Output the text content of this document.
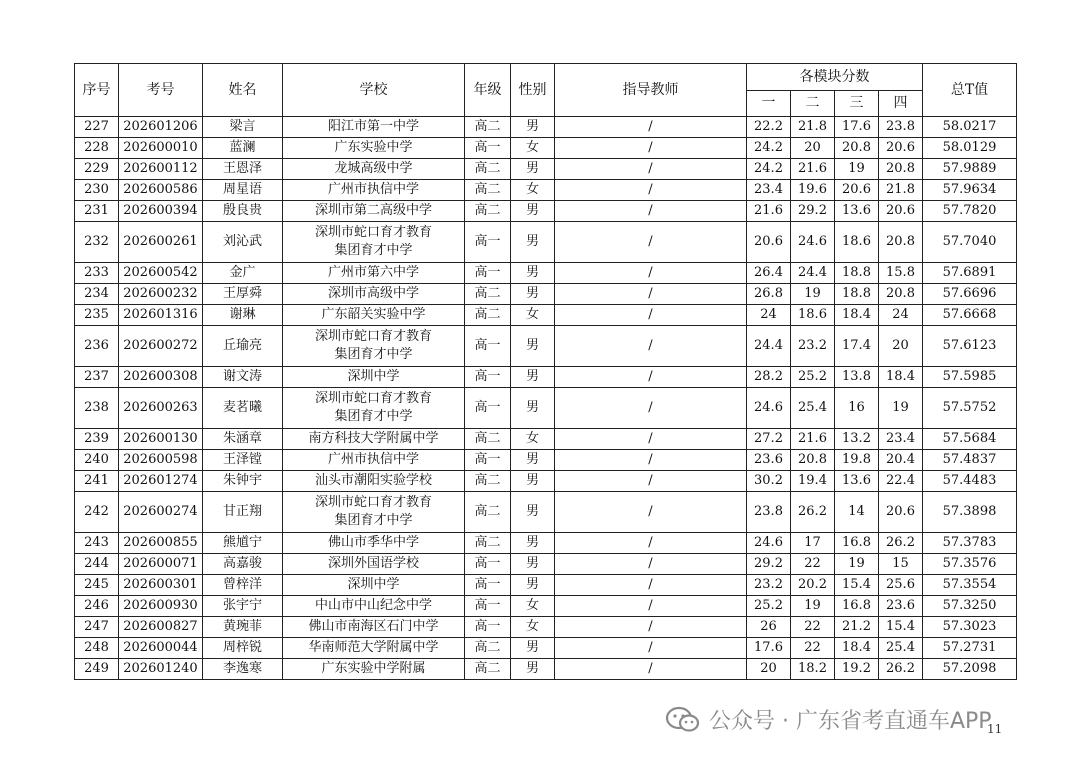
序号	考号	姓名	学校	年级	性别	指导教师	各模块分数				总T值
							一	二	三	四	
227	202601206	梁言	阳江市第一中学	高二	男	/	22.2	21.8	17.6	23.8	58.0217
228	202600010	蓝澜	广东实验中学	高一	女	/	24.2	20	20.8	20.6	58.0129
229	202600112	王恩泽	龙城高级中学	高二	男	/	24.2	21.6	19	20.8	57.9889
230	202600586	周星语	广州市执信中学	高二	女	/	23.4	19.6	20.6	21.8	57.9634
231	202600394	殷良贵	深圳市第二高级中学	高二	男	/	21.6	29.2	13.6	20.6	57.7820
232	202600261	刘沁武	深圳市蛇口育才教育
集团育才中学	高一	男	/	20.6	24.6	18.6	20.8	57.7040
233	202600542	金广	广州市第六中学	高一	男	/	26.4	24.4	18.8	15.8	57.6891
234	202600232	王厚舜	深圳市高级中学	高二	男	/	26.8	19	18.8	20.8	57.6696
235	202601316	谢琳	广东韶关实验中学	高二	女	/	24	18.6	18.4	24	57.6668
236	202600272	丘瑜亮	深圳市蛇口育才教育
集团育才中学	高一	男	/	24.4	23.2	17.4	20	57.6123
237	202600308	谢文涛	深圳中学	高一	男	/	28.2	25.2	13.8	18.4	57.5985
238	202600263	麦茗曦	深圳市蛇口育才教育
集团育才中学	高一	男	/	24.6	25.4	16	19	57.5752
239	202600130	朱涵章	南方科技大学附属中学	高二	女	/	27.2	21.6	13.2	23.4	57.5684
240	202600598	王泽镗	广州市执信中学	高一	男	/	23.6	20.8	19.8	20.4	57.4837
241	202601274	朱钟宇	汕头市潮阳实验学校	高二	男	/	30.2	19.4	13.6	22.4	57.4483
242	202600274	甘正翔	深圳市蛇口育才教育
集团育才中学	高二	男	/	23.8	26.2	14	20.6	57.3898
243	202600855	熊馗宁	佛山市季华中学	高二	男	/	24.6	17	16.8	26.2	57.3783
244	202600071	高嘉骏	深圳外国语学校	高一	男	/	29.2	22	19	15	57.3576
245	202600301	曾梓洋	深圳中学	高一	男	/	23.2	20.2	15.4	25.6	57.3554
246	202600930	张宇宁	中山市中山纪念中学	高一	女	/	25.2	19	16.8	23.6	57.3250
247	202600827	黄琬菲	佛山市南海区石门中学	高一	女	/	26	22	21.2	15.4	57.3023
248	202600044	周梓锐	华南师范大学附属中学	高二	男	/	17.6	22	18.4	25.4	57.2731
249	202601240	李逸寒	广东实验中学附属	高二	男	/	20	18.2	19.2	26.2	57.2098
公众号 · 广东省考直通车APP
11
